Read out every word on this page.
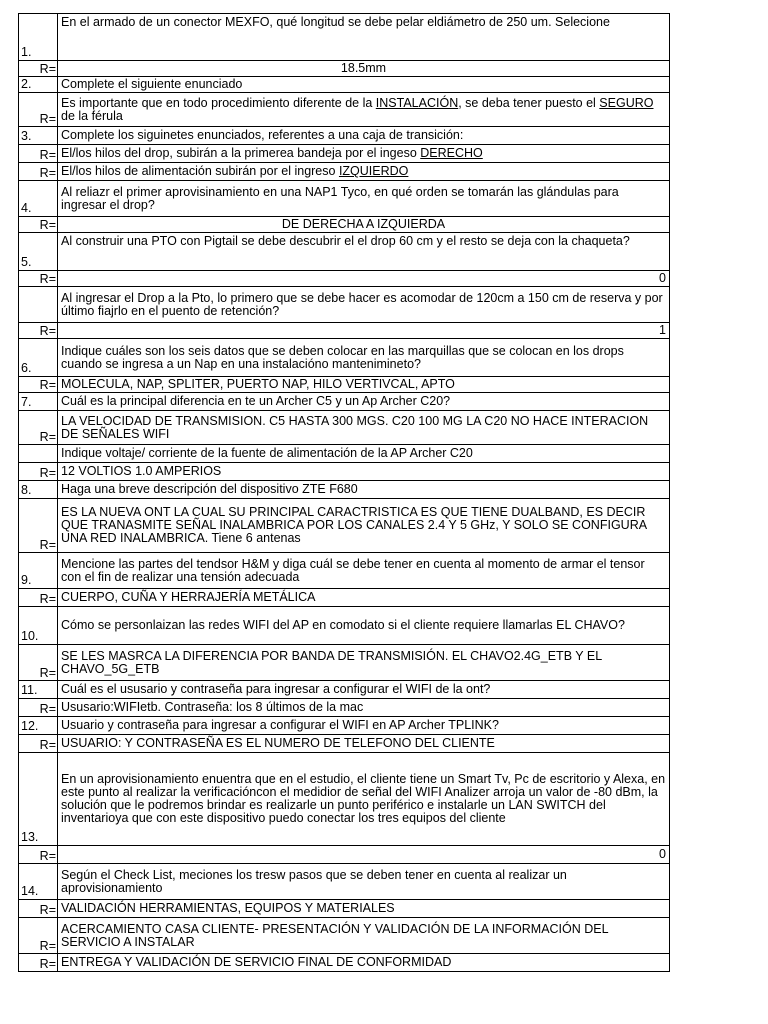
1.	En el armado de un conector MEXFO, qué longitud se debe pelar eldiámetro de 250 um. Selecione
R=	18.5mm
2.	Complete el siguiente enunciado
R=	Es importante que en todo procedimiento diferente de la INSTALACIÓN, se deba tener puesto el SEGURO de la férula
3.	Complete los siguinetes enunciados, referentes a una caja de transición:
R=	El/los hilos del drop, subirán a la primerea bandeja por el ingeso DERECHO
R=	El/los hilos de alimentación subirán por el ingreso IZQUIERDO
4.	Al reliazr el primer aprovisinamiento en una NAP1 Tyco, en qué orden se tomarán las glándulas para ingresar el drop?
R=	DE DERECHA A IZQUIERDA
5.	Al construir una PTO con Pigtail se debe descubrir el el drop 60 cm y el resto se deja con la chaqueta?
R=	0
	Al ingresar el Drop a la Pto, lo primero que se debe hacer es acomodar de 120cm a 150 cm de reserva y por último fiajrlo en el puento de retención?
R=	1
6.	Indique cuáles son los seis datos que se deben colocar en las marquillas que se colocan en los drops cuando se ingresa a un Nap en una instalacióno mantenimineto?
R=	MOLECULA, NAP, SPLITER, PUERTO NAP, HILO VERTIVCAL, APTO
7.	Cuál es la principal diferencia en te un Archer C5 y un Ap Archer C20?
R=	LA VELOCIDAD DE TRANSMISION. C5 HASTA 300 MGS. C20 100 MG LA C20 NO HACE INTERACION DE SEÑALES WIFI
	Indique voltaje/ corriente de la fuente de alimentación de la AP Archer C20
R=	12 VOLTIOS 1.0 AMPERIOS
8.	Haga una breve descripción del dispositivo ZTE F680
R=	ES LA NUEVA ONT LA CUAL SU PRINCIPAL CARACTRISTICA ES QUE TIENE DUALBAND, ES DECIR QUE TRANASMITE SEÑAL INALAMBRICA POR LOS CANALES 2.4 Y 5 GHz, Y SOLO SE CONFIGURA UNA RED INALAMBRICA. Tiene 6 antenas
9.	Mencione las partes del tendsor H&M y diga cuál se debe tener en cuenta al momento de armar el tensor con el fin de realizar una tensión adecuada
R=	CUERPO, CUÑA Y HERRAJERÍA METÁLICA
10.	Cómo se personlaizan las redes WIFI del AP en comodato si el cliente requiere llamarlas EL CHAVO?
R=	SE LES MASRCA LA DIFERENCIA POR BANDA DE TRANSMISIÓN. EL CHAVO2.4G_ETB Y EL CHAVO_5G_ETB
11.	Cuál es el ususario y contraseña para ingresar a configurar el WIFI de la ont?
R=	Ususario:WIFIetb. Contraseña: los 8 últimos de la mac
12.	Usuario y contraseña para ingresar a configurar el WIFI en AP Archer TPLINK?
R=	USUARIO: Y CONTRASEÑA ES EL NUMERO DE TELEFONO DEL CLIENTE
13.	En un aprovisionamiento enuentra que en el estudio, el cliente tiene un Smart Tv, Pc de escritorio y Alexa, en este punto al realizar la verificacióncon el medidior de señal del WIFI Analizer arroja un valor de -80 dBm, la solución que le podremos brindar es realizarle un punto periférico e instalarle un LAN SWITCH del inventarioya que con este dispositivo puedo conectar los tres equipos del cliente
R=	0
14.	Según el Check List, meciones los tresw pasos que se deben tener en cuenta al realizar un aprovisionamiento
R=	VALIDACIÓN HERRAMIENTAS, EQUIPOS Y MATERIALES
R=	ACERCAMIENTO CASA CLIENTE- PRESENTACIÓN Y VALIDACIÓN DE LA INFORMACIÓN DEL SERVICIO A INSTALAR
R=	ENTREGA Y VALIDACIÓN DE SERVICIO FINAL DE CONFORMIDAD
